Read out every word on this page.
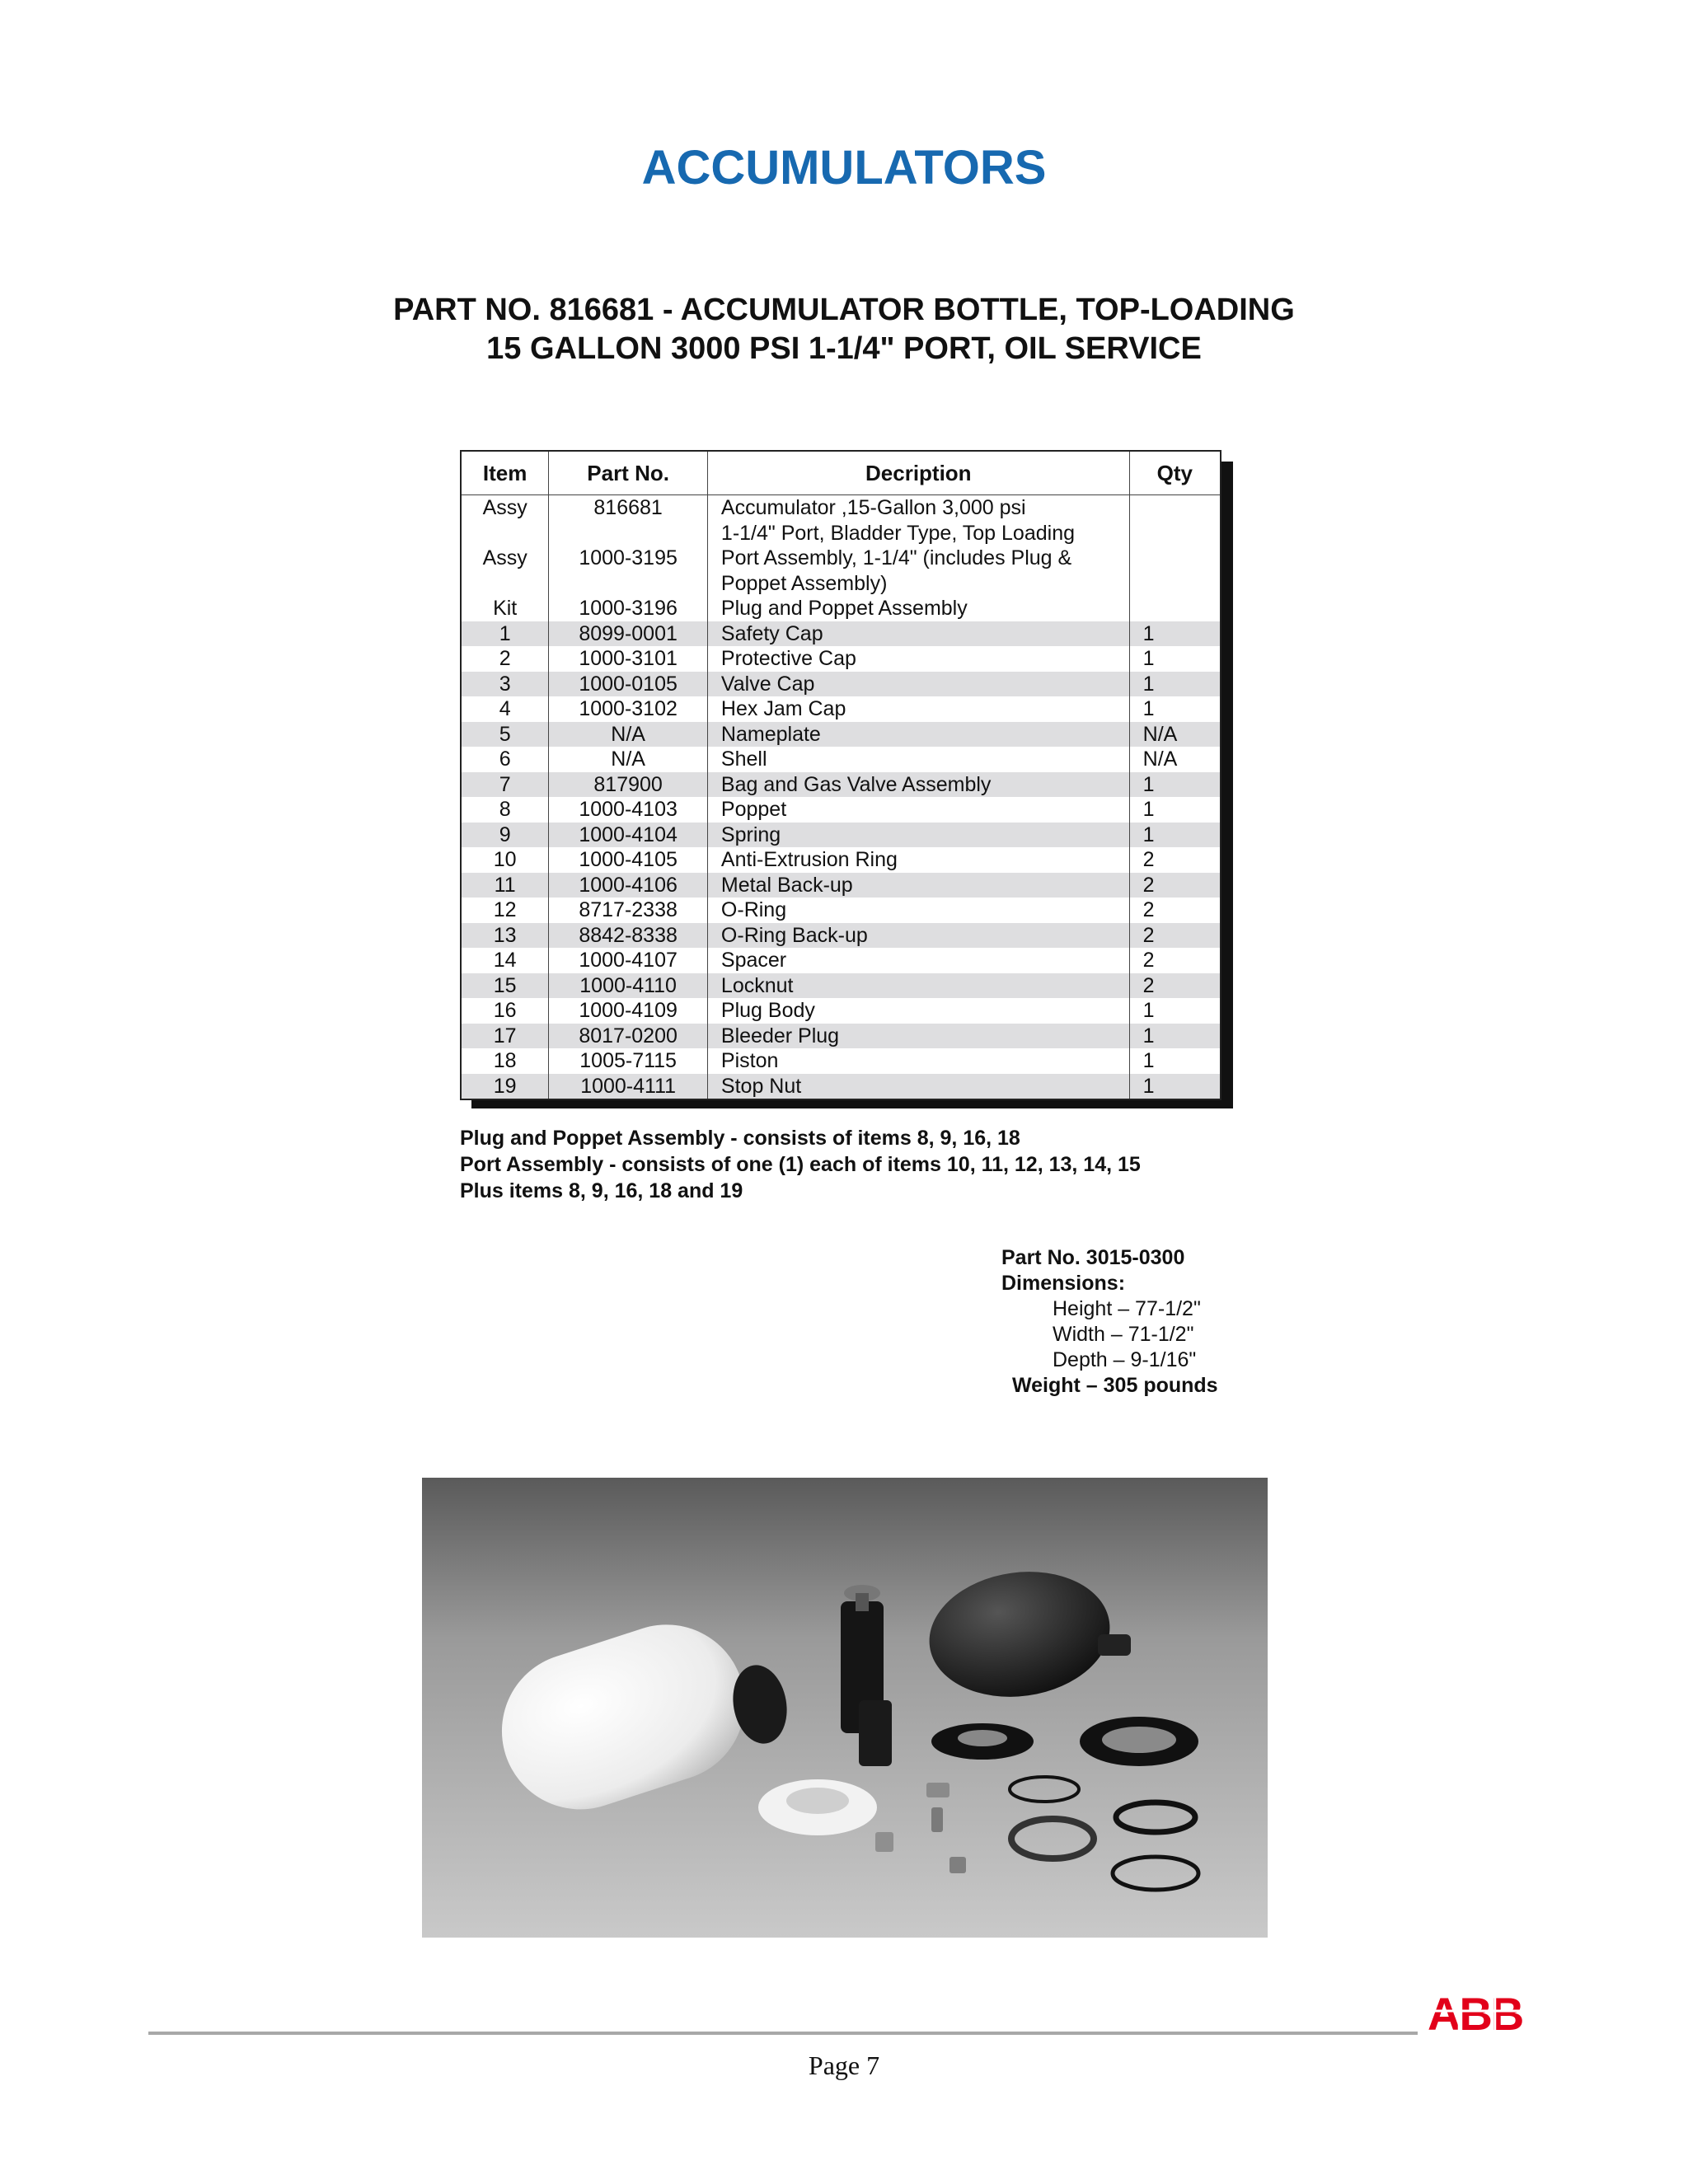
ACCUMULATORS
PART NO. 816681 - ACCUMULATOR BOTTLE, TOP-LOADING
15 GALLON 3000 PSI 1-1/4" PORT, OIL SERVICE
Item	Part No.	Decription	Qty
Assy	816681	Accumulator ,15-Gallon 3,000 psi	
		1-1/4" Port, Bladder Type, Top Loading	
Assy	1000-3195	Port Assembly, 1-1/4" (includes Plug &	
		Poppet Assembly)	
Kit	1000-3196	Plug and Poppet Assembly	
1	8099-0001	Safety Cap	1
2	1000-3101	Protective Cap	1
3	1000-0105	Valve Cap	1
4	1000-3102	Hex Jam Cap	1
5	N/A	Nameplate	N/A
6	N/A	Shell	N/A
7	817900	Bag and Gas Valve Assembly	1
8	1000-4103	Poppet	1
9	1000-4104	Spring	1
10	1000-4105	Anti-Extrusion Ring	2
11	1000-4106	Metal Back-up	2
12	8717-2338	O-Ring	2
13	8842-8338	O-Ring Back-up	2
14	1000-4107	Spacer	2
15	1000-4110	Locknut	2
16	1000-4109	Plug Body	1
17	8017-0200	Bleeder Plug	1
18	1005-7115	Piston	1
19	1000-4111	Stop Nut	1
Plug and Poppet Assembly - consists of items 8, 9, 16, 18
Port Assembly - consists of one (1) each of items 10, 11, 12, 13, 14, 15
Plus items 8, 9, 16, 18 and 19
Part No. 3015-0300
Dimensions:
Height – 77-1/2"
Width – 71-1/2"
Depth – 9-1/16"
Weight – 305 pounds
ABB
Page 7
